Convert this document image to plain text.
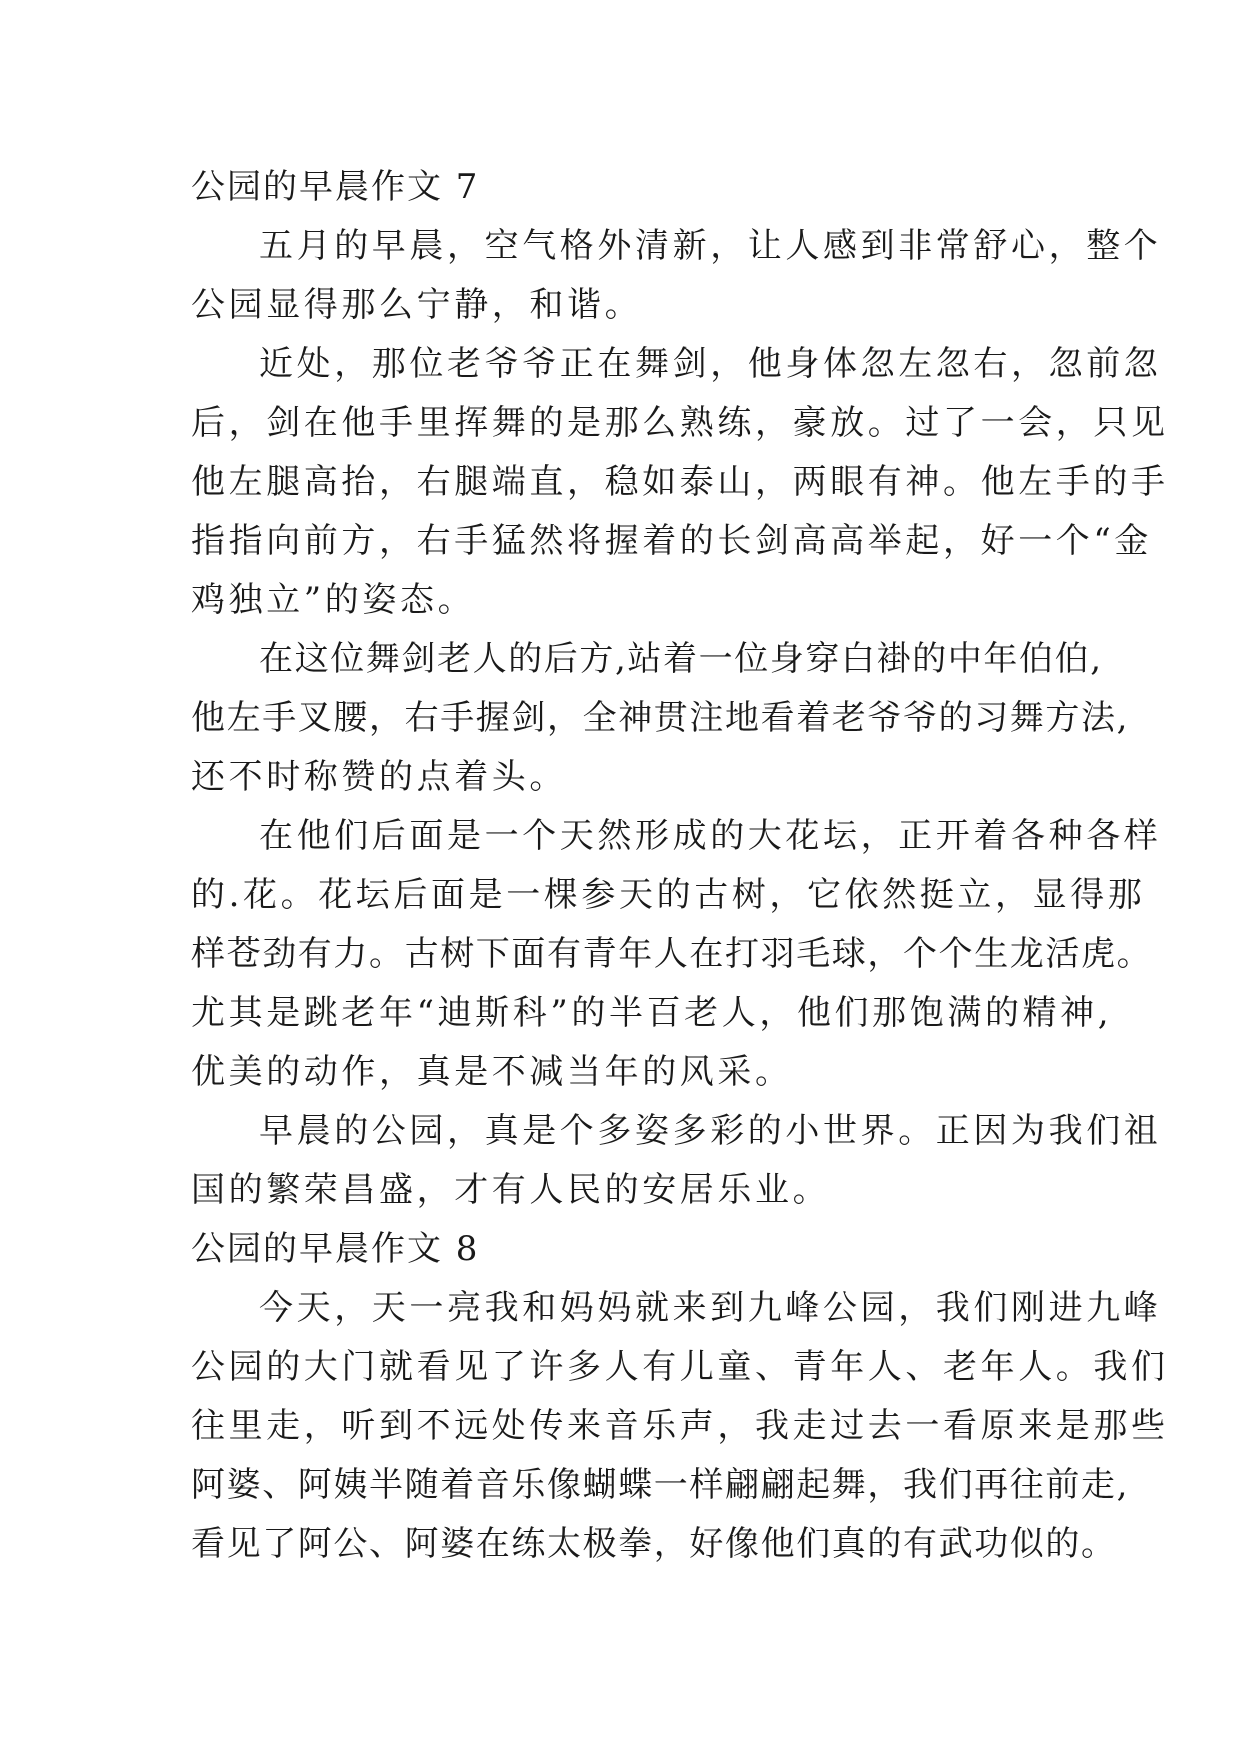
公园的早晨作文 7
五月的早晨，空气格外清新，让人感到非常舒心，整个
公园显得那么宁静，和谐。
近处，那位老爷爷正在舞剑，他身体忽左忽右，忽前忽
后，剑在他手里挥舞的是那么熟练，豪放。过了一会，只见
他左腿高抬，右腿端直，稳如泰山，两眼有神。他左手的手
指指向前方，右手猛然将握着的长剑高高举起，好一个“金
鸡独立”的姿态。
在这位舞剑老人的后方,站着一位身穿白褂的中年伯伯,
他左手叉腰，右手握剑，全神贯注地看着老爷爷的习舞方法,
还不时称赞的点着头。
在他们后面是一个天然形成的大花坛，正开着各种各样
的.花。花坛后面是一棵参天的古树，它依然挺立，显得那
样苍劲有力。古树下面有青年人在打羽毛球，个个生龙活虎。
尤其是跳老年“迪斯科”的半百老人，他们那饱满的精神,
优美的动作，真是不减当年的风采。
早晨的公园，真是个多姿多彩的小世界。正因为我们祖
国的繁荣昌盛，才有人民的安居乐业。
公园的早晨作文 8
今天，天一亮我和妈妈就来到九峰公园，我们刚进九峰
公园的大门就看见了许多人有儿童、青年人、老年人。我们
往里走，听到不远处传来音乐声，我走过去一看原来是那些
阿婆、阿姨半随着音乐像蝴蝶一样翩翩起舞，我们再往前走,
看见了阿公、阿婆在练太极拳，好像他们真的有武功似的。
